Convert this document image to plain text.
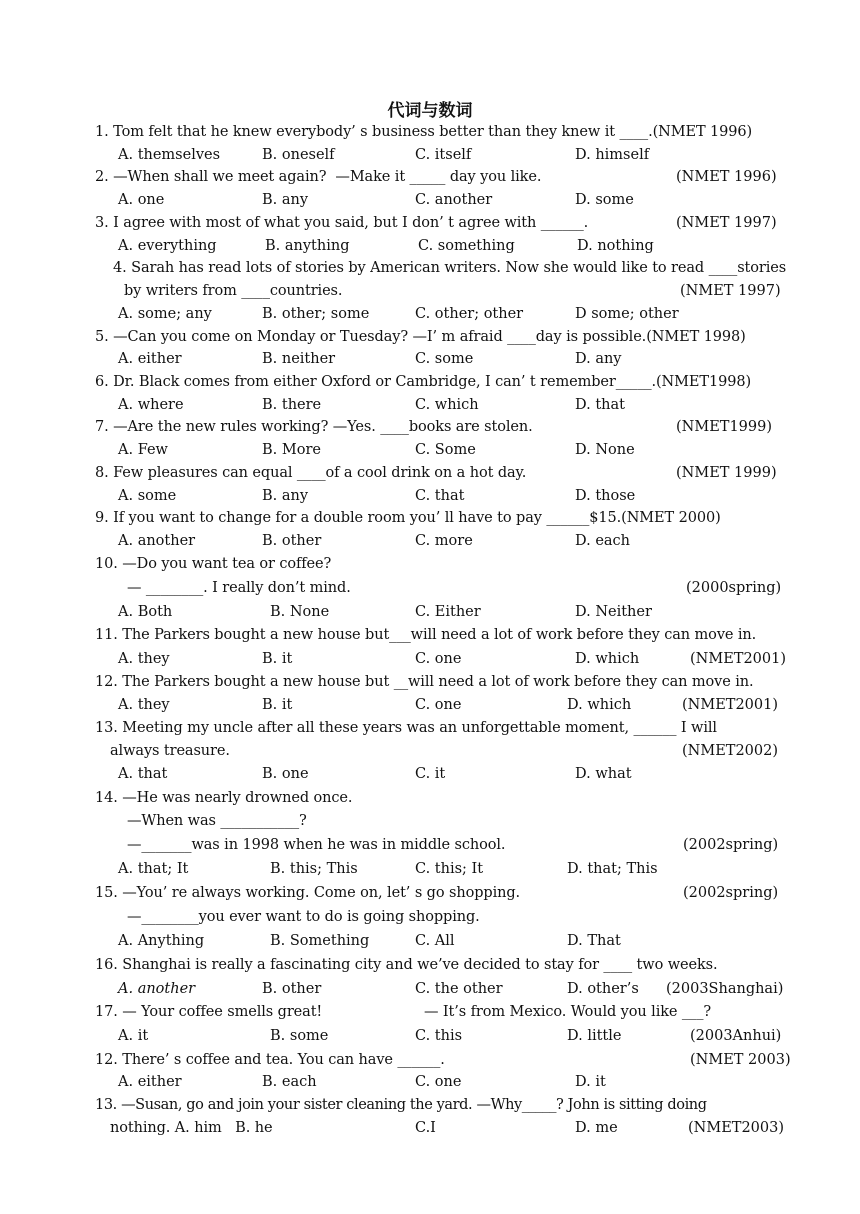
代词与数词
1. Tom felt that he knew everybody’ s business better than they knew it ____.(NMET 1996)
A. themselves	B. oneself	C. itself	D. himself
2. —When shall we meet again?  —Make it _____ day you like.	(NMET 1996)
A. one	B. any	C. another	D. some
3. I agree with most of what you said, but I don’ t agree with ______.	(NMET 1997)
A. everything	B. anything	C. something	D. nothing
4. Sarah has read lots of stories by American writers. Now she would like to read ____stories
by writers from ____countries.	(NMET 1997)
A. some; any	B. other; some	C. other; other	D some; other
5. —Can you come on Monday or Tuesday? —I’ m afraid ____day is possible.(NMET 1998)
A. either	B. neither	C. some	D. any
6. Dr. Black comes from either Oxford or Cambridge, I can’ t remember_____.(NMET1998)
A. where	B. there	C. which	D. that
7. —Are the new rules working? —Yes. ____books are stolen.	(NMET1999)
A. Few	B. More	C. Some	D. None
8. Few pleasures can equal ____of a cool drink on a hot day.	(NMET 1999)
A. some	B. any	C. that	D. those
9. If you want to change for a double room you’ ll have to pay ______$15.(NMET 2000)
A. another	B. other	C. more	D. each
10. —Do you want tea or coffee?
— ________. I really don’t mind.	(2000spring)
A. Both	B. None	C. Either	D. Neither
11. The Parkers bought a new house but___will need a lot of work before they can move in.
A. they	B. it	C. one	D. which	(NMET2001)
12. The Parkers bought a new house but __will need a lot of work before they can move in.
A. they	B. it	C. one	D. which	(NMET2001)
13. Meeting my uncle after all these years was an unforgettable moment, ______ I will
always treasure.	(NMET2002)
A. that	B. one	C. it	D. what
14. —He was nearly drowned once.
—When was ___________?
—_______was in 1998 when he was in middle school.	(2002spring)
A. that; It	B. this; This	C. this; It	D. that; This
15. —You’ re always working. Come on, let’ s go shopping.	(2002spring)
—________you ever want to do is going shopping.
A. Anything	B. Something	C. All	D. That
16. Shanghai is really a fascinating city and we’ve decided to stay for ____ two weeks.
A. another	B. other	C. the other	D. other’s (2003Shanghai)
17. — Your coffee smells great!	— It’s from Mexico. Would you like ___?
A. it	B. some	C. this	D. little	(2003Anhui)
12. There’ s coffee and tea. You can have ______.	(NMET 2003)
A. either	B. each	C. one	D. it
13. —Susan, go and join your sister cleaning the yard. —Why_____? John is sitting doing
nothing. A. him   B. he	C.I	D. me	(NMET2003)
